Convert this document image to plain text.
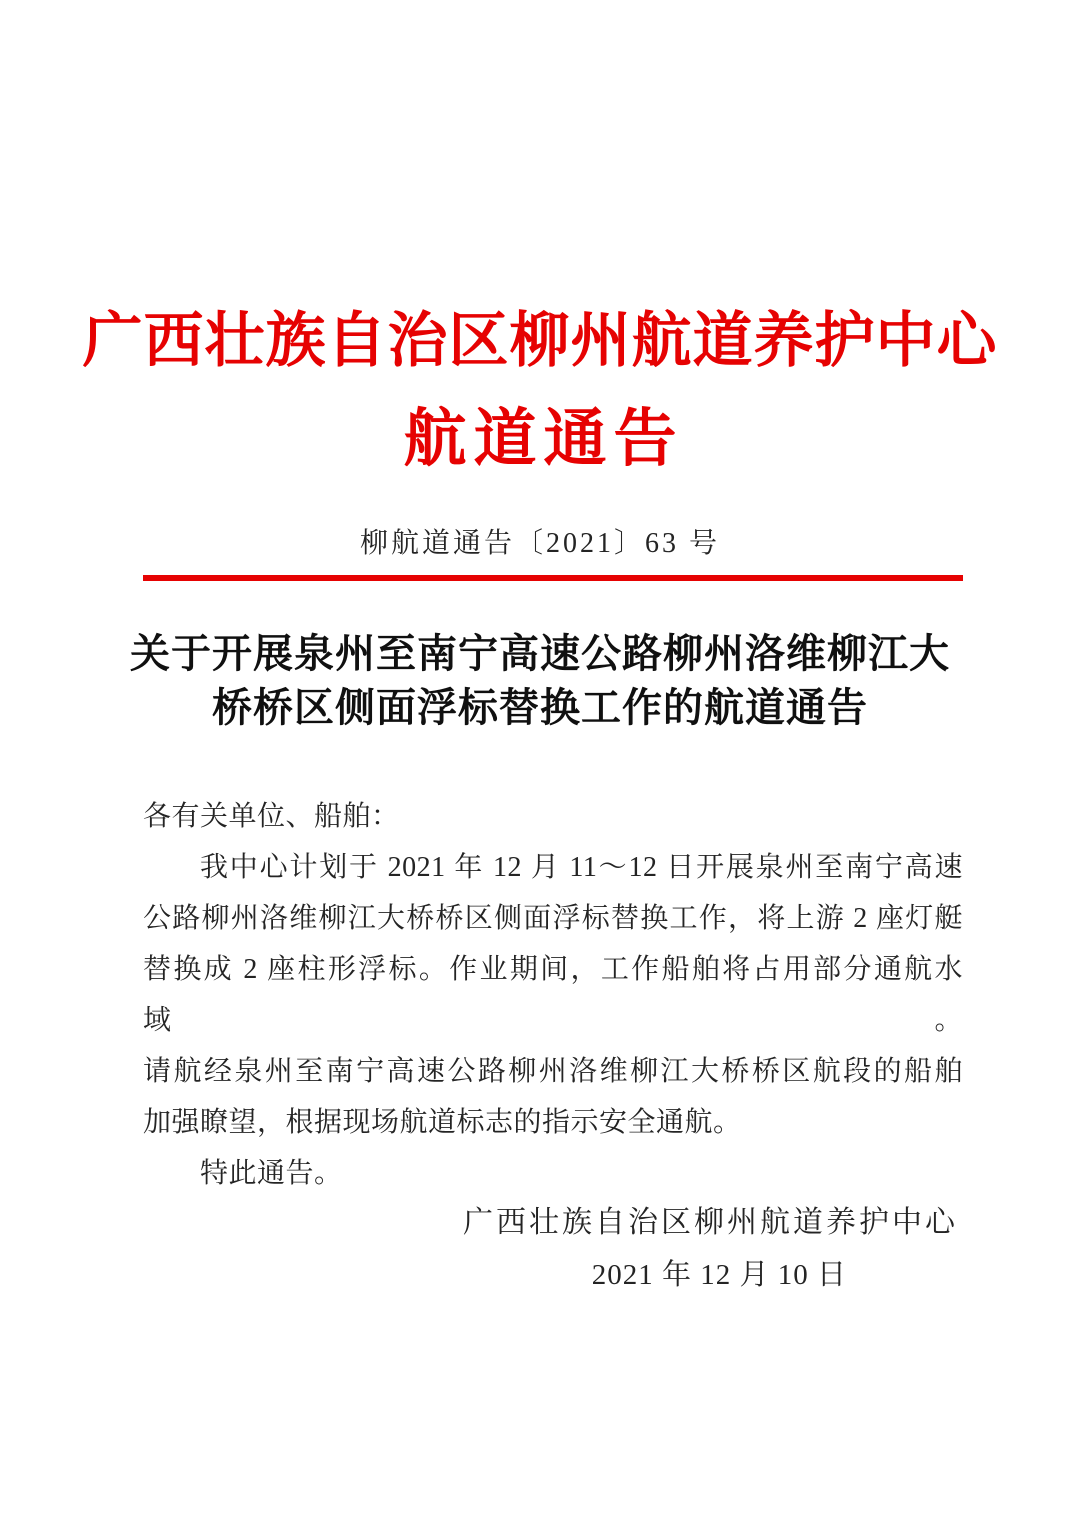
广西壮族自治区柳州航道养护中心
航道通告
柳航道通告〔2021〕63 号
关于开展泉州至南宁高速公路柳州洛维柳江大
桥桥区侧面浮标替换工作的航道通告
各有关单位、船舶：
我中心计划于 2021 年 12 月 11～12 日开展泉州至南宁高速
公路柳州洛维柳江大桥桥区侧面浮标替换工作，将上游 2 座灯艇
替换成 2 座柱形浮标。作业期间，工作船舶将占用部分通航水域。
请航经泉州至南宁高速公路柳州洛维柳江大桥桥区航段的船舶
加强瞭望，根据现场航道标志的指示安全通航。
特此通告。
广西壮族自治区柳州航道养护中心
2021 年 12 月 10 日
